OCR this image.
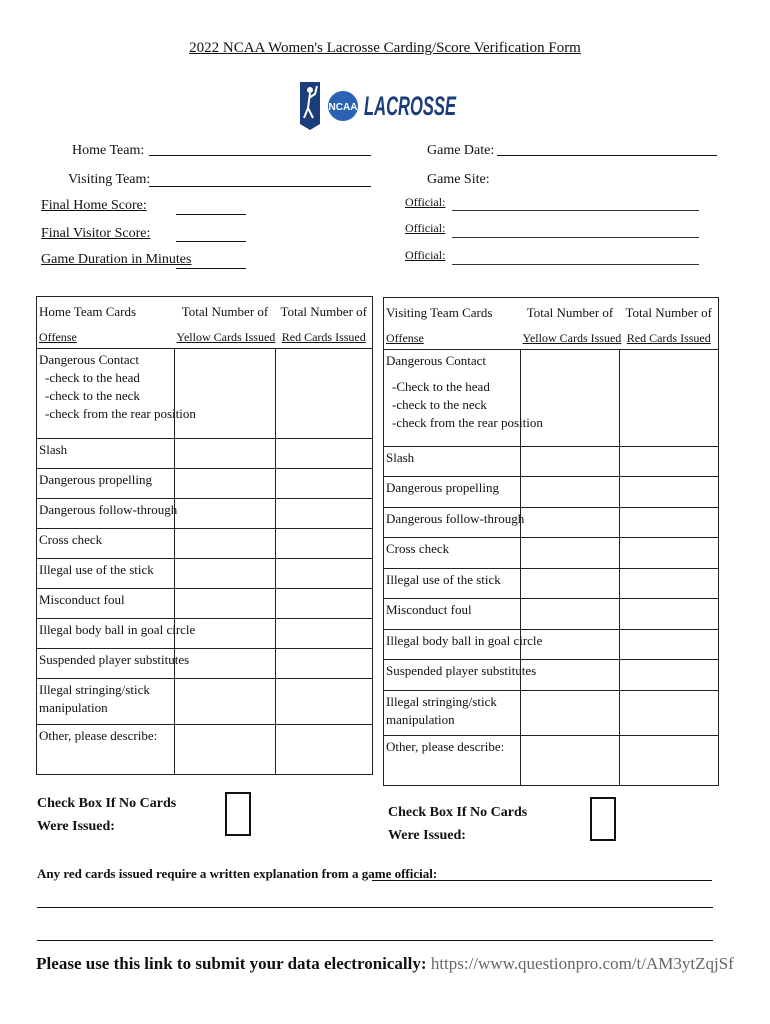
2022 NCAA Women's Lacrosse Carding/Score Verification Form
NCAA LACROSSE
Home Team:
Visiting Team:
Game Date:
Game Site:
Final Home Score:
Final Visitor Score:
Game Duration in Minutes
Official:
Official:
Official:
Home Team Cards	Total Number of	Total Number of
Offense	Yellow Cards Issued	Red Cards Issued
Dangerous Contact
-check to the head
-check to the neck
-check from the rear position		

Slash		
Dangerous propelling		
Dangerous follow-through		
Cross check		
Illegal use of the stick		
Misconduct foul		
Illegal body ball in goal circle		
Suspended player substitutes		

Illegal stringing/stick
manipulation		

Other, please describe:		
Visiting Team Cards	Total Number of	Total Number of
Offense	Yellow Cards Issued	Red Cards Issued

Dangerous Contact
-Check to the head
-check to the neck
-check from the rear position		

Slash		
Dangerous propelling		
Dangerous follow-through		
Cross check		
Illegal use of the stick		
Misconduct foul		
Illegal body ball in goal circle		
Suspended player substitutes		

Illegal stringing/stick
manipulation		

Other, please describe:		
Check Box If No Cards
Were Issued:
Check Box If No Cards
Were Issued:
Any red cards issued require a written explanation from a game official:
Please use this link to submit your data electronically: https://www.questionpro.com/t/AM3ytZqjSf
